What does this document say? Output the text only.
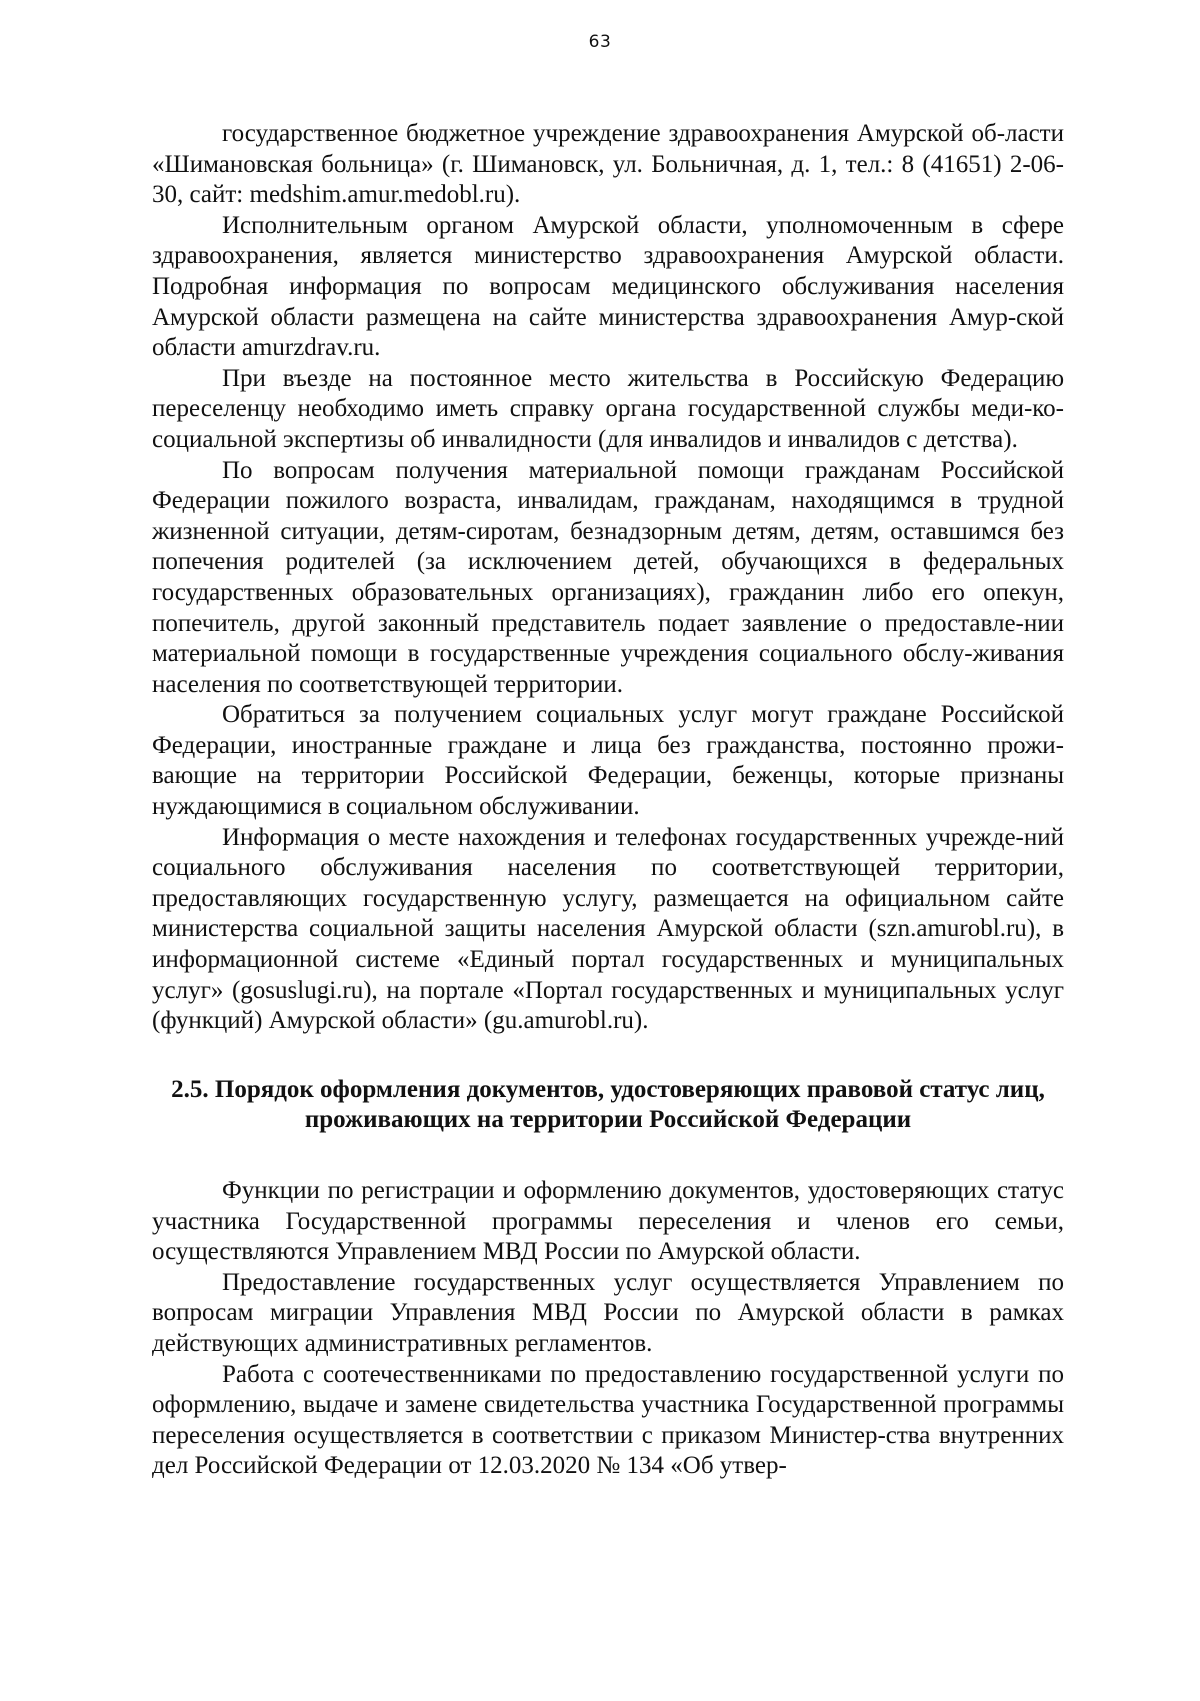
63

государственное бюджетное учреждение здравоохранения Амурской об-ласти «Шимановская больница» (г. Шимановск, ул. Больничная, д. 1, тел.: 8 (41651) 2-06-30, сайт: medshim.amur.medobl.ru).

Исполнительным органом Амурской области, уполномоченным в сфере здравоохранения, является министерство здравоохранения Амурской области. Подробная информация по вопросам медицинского обслуживания населения Амурской области размещена на сайте министерства здравоохранения Амур-ской области amurzdrav.ru.

При въезде на постоянное место жительства в Российскую Федерацию переселенцу необходимо иметь справку органа государственной службы меди-ко-социальной экспертизы об инвалидности (для инвалидов и инвалидов с детства).

По вопросам получения материальной помощи гражданам Российской Федерации пожилого возраста, инвалидам, гражданам, находящимся в трудной жизненной ситуации, детям-сиротам, безнадзорным детям, детям, оставшимся без попечения родителей (за исключением детей, обучающихся в федеральных государственных образовательных организациях), гражданин либо его опекун, попечитель, другой законный представитель подает заявление о предоставле-нии материальной помощи в государственные учреждения социального обслу-живания населения по соответствующей территории.

Обратиться за получением социальных услуг могут граждане Российской Федерации, иностранные граждане и лица без гражданства, постоянно прожи-вающие на территории Российской Федерации, беженцы, которые признаны нуждающимися в социальном обслуживании.

Информация о месте нахождения и телефонах государственных учрежде-ний социального обслуживания населения по соответствующей территории, предоставляющих государственную услугу, размещается на официальном сайте министерства социальной защиты населения Амурской области (szn.amurobl.ru), в информационной системе «Единый портал государственных и муниципальных услуг» (gosuslugi.ru), на портале «Портал государственных и муниципальных услуг (функций) Амурской области» (gu.amurobl.ru).

2.5. Порядок оформления документов, удостоверяющих правовой статус лиц, проживающих на территории Российской Федерации

Функции по регистрации и оформлению документов, удостоверяющих статус участника Государственной программы переселения и членов его семьи, осуществляются Управлением МВД России по Амурской области.

Предоставление государственных услуг осуществляется Управлением по вопросам миграции Управления МВД России по Амурской области в рамках действующих административных регламентов.

Работа с соотечественниками по предоставлению государственной услуги по оформлению, выдаче и замене свидетельства участника Государственной программы переселения осуществляется в соответствии с приказом Министер-ства внутренних дел Российской Федерации от 12.03.2020 № 134 «Об утвер-
